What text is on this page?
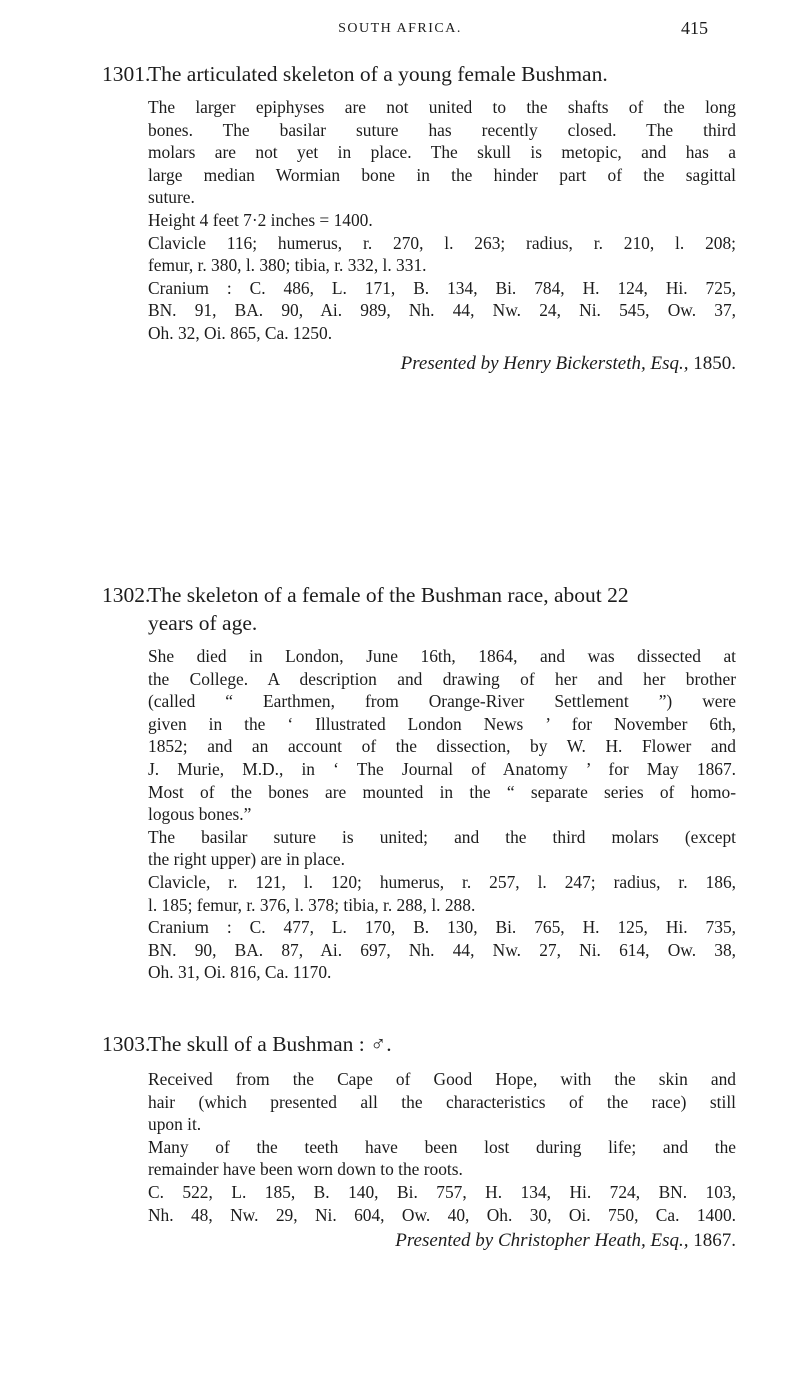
SOUTH AFRICA.	415
1301.The articulated skeleton of a young female Bushman.
The larger epiphyses are not united to the shafts of the long
bones. The basilar suture has recently closed. The third
molars are not yet in place. The skull is metopic, and has a
large median Wormian bone in the hinder part of the sagittal
suture.
Height 4 feet 7·2 inches = 1400.
Clavicle 116; humerus, r. 270, l. 263; radius, r. 210, l. 208;
femur, r. 380, l. 380; tibia, r. 332, l. 331.
Cranium : C. 486, L. 171, B. 134, Bi. 784, H. 124, Hi. 725,
BN. 91, BA. 90, Ai. 989, Nh. 44, Nw. 24, Ni. 545, Ow. 37,
Oh. 32, Oi. 865, Ca. 1250.
Presented by Henry Bickersteth, Esq., 1850.
1302.
The skeleton of a female of the Bushman race, about 22
years of age.
She died in London, June 16th, 1864, and was dissected at
the College. A description and drawing of her and her brother
(called “ Earthmen, from Orange-River Settlement ”) were
given in the ‘ Illustrated London News ’ for November 6th,
1852; and an account of the dissection, by W. H. Flower and
J. Murie, M.D., in ‘ The Journal of Anatomy ’ for May 1867.
Most of the bones are mounted in the “ separate series of homo-
logous bones.”
The basilar suture is united; and the third molars (except
the right upper) are in place.
Clavicle, r. 121, l. 120; humerus, r. 257, l. 247; radius, r. 186,
l. 185; femur, r. 376, l. 378; tibia, r. 288, l. 288.
Cranium : C. 477, L. 170, B. 130, Bi. 765, H. 125, Hi. 735,
BN. 90, BA. 87, Ai. 697, Nh. 44, Nw. 27, Ni. 614, Ow. 38,
Oh. 31, Oi. 816, Ca. 1170.
1303.The skull of a Bushman : ♂.
Received from the Cape of Good Hope, with the skin and
hair (which presented all the characteristics of the race) still
upon it.
Many of the teeth have been lost during life; and the
remainder have been worn down to the roots.
C. 522, L. 185, B. 140, Bi. 757, H. 134, Hi. 724, BN. 103,
Nh. 48, Nw. 29, Ni. 604, Ow. 40, Oh. 30, Oi. 750, Ca. 1400.
Presented by Christopher Heath, Esq., 1867.
